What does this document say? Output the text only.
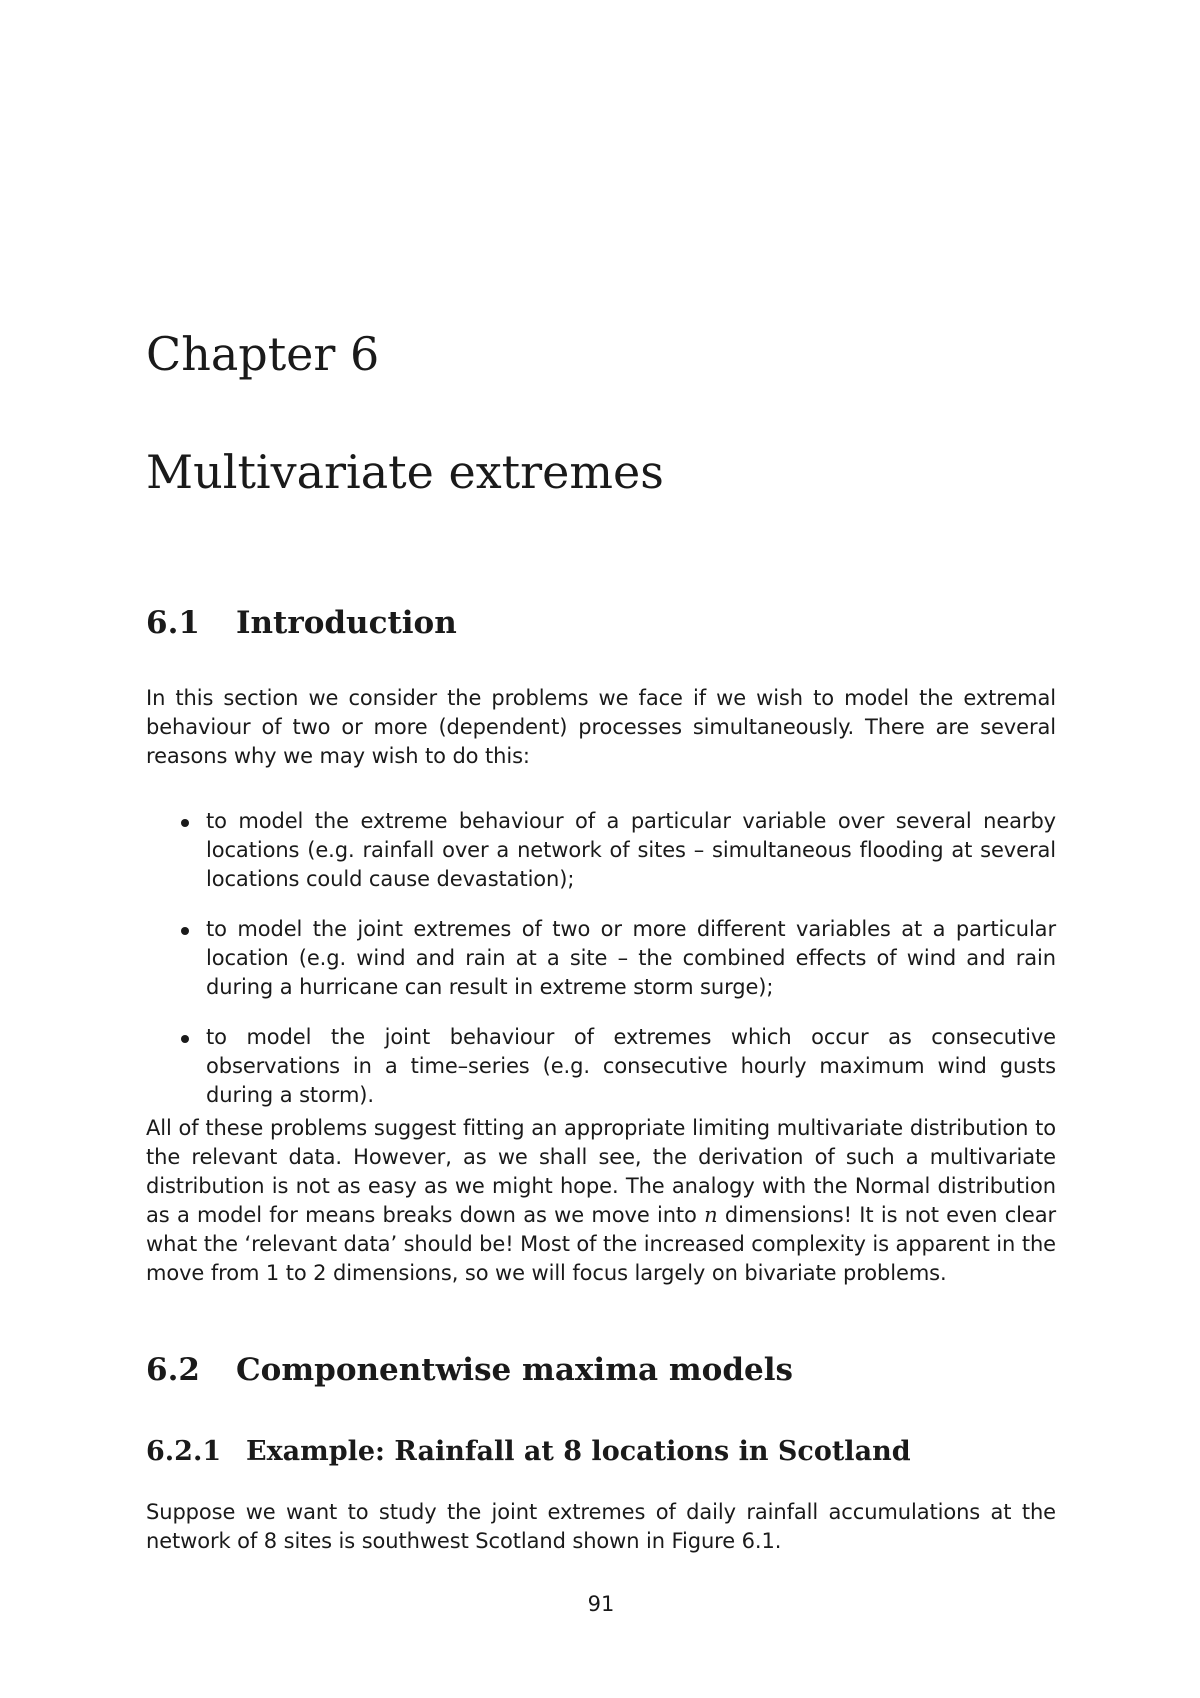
Chapter 6
Multivariate extremes
6.1 Introduction

In this section we consider the problems we face if we wish to model the extremal behaviour of two or more (dependent) processes simultaneously. There are several reasons why we may wish to do this:

to model the extreme behaviour of a particular variable over several nearby locations (e.g. rainfall over a network of sites – simultaneous flooding at several locations could cause devastation);
to model the joint extremes of two or more different variables at a particular location (e.g. wind and rain at a site – the combined effects of wind and rain during a hurricane can result in extreme storm surge);
to model the joint behaviour of extremes which occur as consecutive observations in a time–series (e.g. consecutive hourly maximum wind gusts during a storm).

All of these problems suggest fitting an appropriate limiting multivariate distribution to the relevant data. However, as we shall see, the derivation of such a multivariate distribution is not as easy as we might hope. The analogy with the Normal distribution as a model for means breaks down as we move into n dimensions! It is not even clear what the ‘relevant data’ should be! Most of the increased complexity is apparent in the move from 1 to 2 dimensions, so we will focus largely on bivariate problems.

6.2 Componentwise maxima models
6.2.1 Example: Rainfall at 8 locations in Scotland

Suppose we want to study the joint extremes of daily rainfall accumulations at the network of 8 sites is southwest Scotland shown in Figure 6.1.

91
